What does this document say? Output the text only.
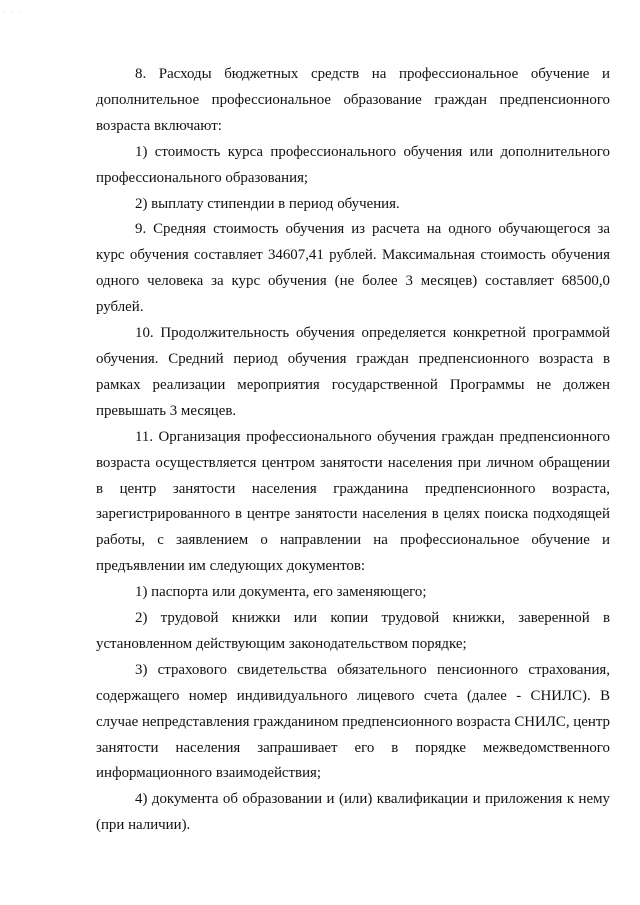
· · ·

8. Расходы бюджетных средств на профессиональное обучение и дополнительное профессиональное образование граждан предпенсионного возраста включают:

1) стоимость курса профессионального обучения или дополнительного профессионального образования;

2) выплату стипендии в период обучения.

9. Средняя стоимость обучения из расчета на одного обучающегося за курс обучения составляет 34607,41 рублей. Максимальная стоимость обучения одного человека за курс обучения (не более 3 месяцев) составляет 68500,0 рублей.

10. Продолжительность обучения определяется конкретной программой обучения. Средний период обучения граждан предпенсионного возраста в рамках реализации мероприятия государственной Программы не должен превышать 3 месяцев.

11. Организация профессионального обучения граждан предпенсионного возраста осуществляется центром занятости населения при личном обращении в центр занятости населения гражданина предпенсионного возраста, зарегистрированного в центре занятости населения в целях поиска подходящей работы, с заявлением о направлении на профессиональное обучение и предъявлении им следующих документов:

1) паспорта или документа, его заменяющего;

2) трудовой книжки или копии трудовой книжки, заверенной в установленном действующим законодательством порядке;

3) страхового свидетельства обязательного пенсионного страхования, содержащего номер индивидуального лицевого счета (далее - СНИЛС). В случае непредставления гражданином предпенсионного возраста СНИЛС, центр занятости населения запрашивает его в порядке межведомственного информационного взаимодействия;

4) документа об образовании и (или) квалификации и приложения к нему (при наличии).
